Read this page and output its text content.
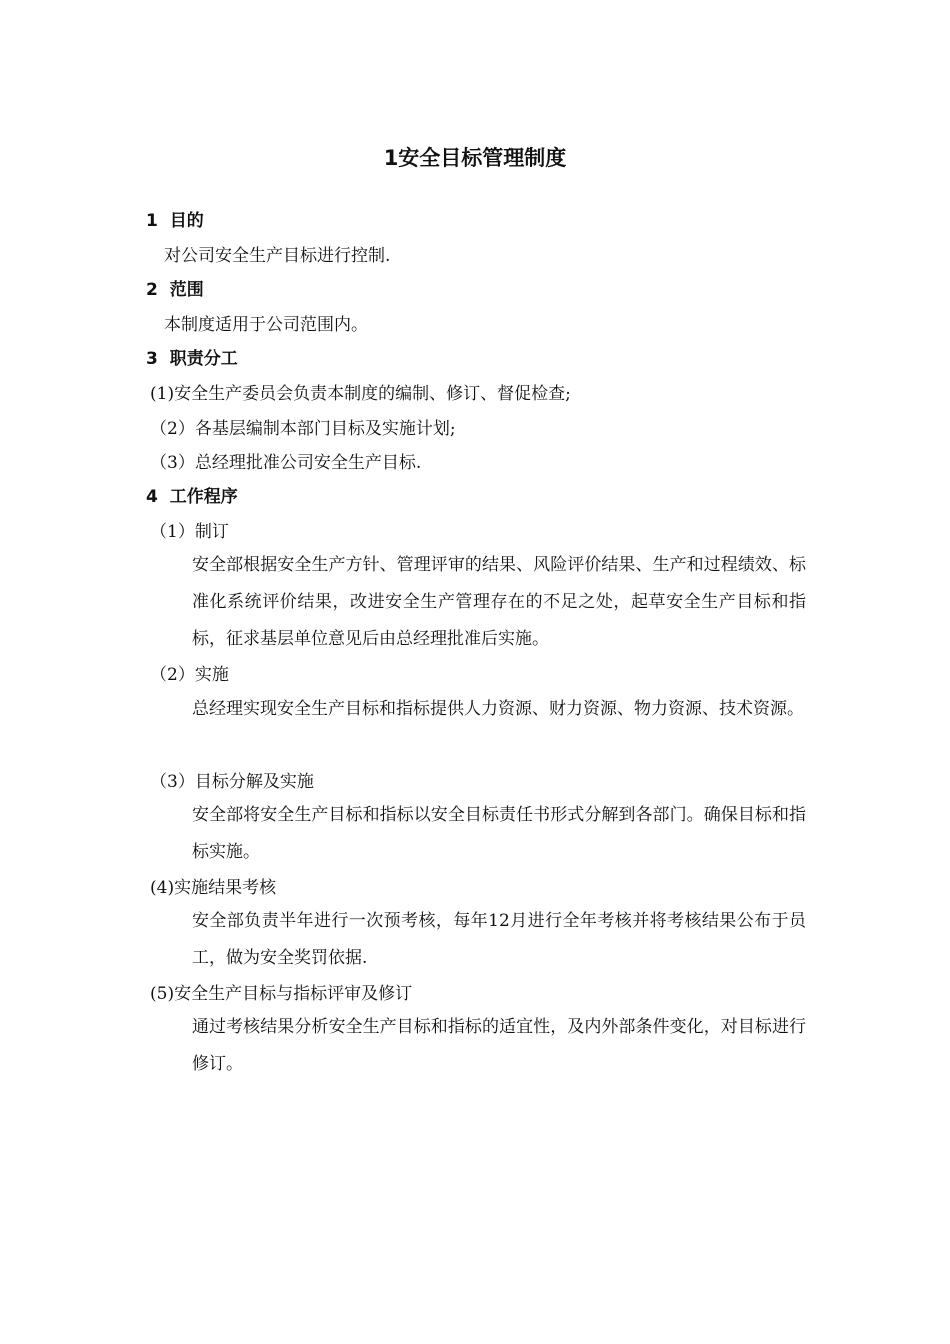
1安全目标管理制度
1 目的
对公司安全生产目标进行控制.
2 范围
本制度适用于公司范围内。
3 职责分工
(1)安全生产委员会负责本制度的编制、修订、督促检查;
（2）各基层编制本部门目标及实施计划;
（3）总经理批准公司安全生产目标.
4 工作程序
（1）制订
安全部根据安全生产方针、管理评审的结果、风险评价结果、生产和过程绩效、标准化系统评价结果，改进安全生产管理存在的不足之处，起草安全生产目标和指标，征求基层单位意见后由总经理批准后实施。
（2）实施
总经理实现安全生产目标和指标提供人力资源、财力资源、物力资源、技术资源。
（3）目标分解及实施
安全部将安全生产目标和指标以安全目标责任书形式分解到各部门。确保目标和指标实施。
(4)实施结果考核
安全部负责半年进行一次预考核，每年12月进行全年考核并将考核结果公布于员工，做为安全奖罚依据.
(5)安全生产目标与指标评审及修订
通过考核结果分析安全生产目标和指标的适宜性，及内外部条件变化，对目标进行修订。
